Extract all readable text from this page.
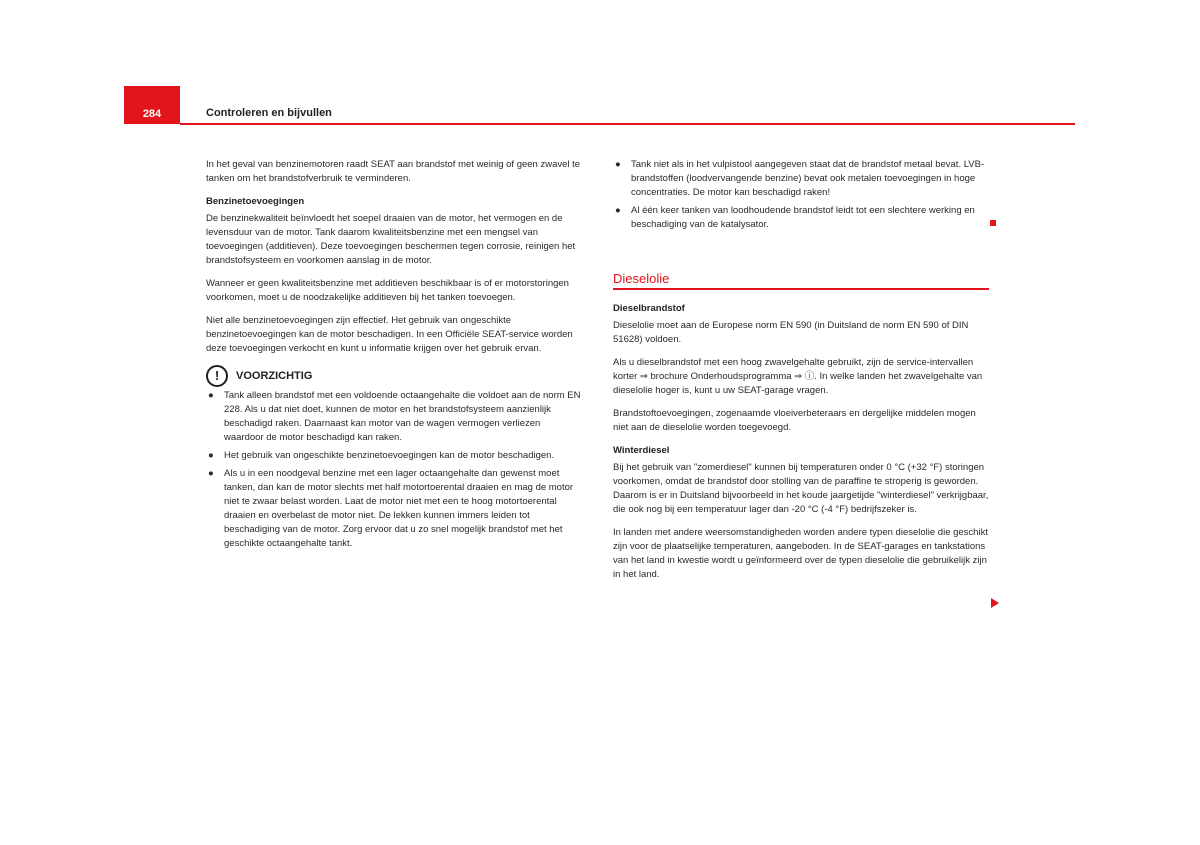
284	Controleren en bijvullen

In het geval van benzinemotoren raadt SEAT aan brandstof met weinig of geen zwavel te tanken om het brandstofverbruik te verminderen.

Benzinetoevoegingen

De benzinekwaliteit beïnvloedt het soepel draaien van de motor, het vermogen en de levensduur van de motor. Tank daarom kwaliteitsbenzine met een mengsel van toevoegingen (additieven). Deze toevoegingen beschermen tegen corrosie, reinigen het brandstofsysteem en voorkomen aanslag in de motor.

Wanneer er geen kwaliteitsbenzine met additieven beschikbaar is of er motorstoringen voorkomen, moet u de noodzakelijke additieven bij het tanken toevoegen.

Niet alle benzinetoevoegingen zijn effectief. Het gebruik van ongeschikte benzinetoevoegingen kan de motor beschadigen. In een Officiële SEAT-service worden deze toevoegingen verkocht en kunt u informatie krijgen over het gebruik ervan.

!	VOORZICHTIG
● Tank alleen brandstof met een voldoende octaangehalte die voldoet aan de norm EN 228. Als u dat niet doet, kunnen de motor en het brandstofsysteem aanzienlijk beschadigd raken. Daarnaast kan motor van de wagen vermogen verliezen waardoor de motor beschadigd kan raken.
● Het gebruik van ongeschikte benzinetoevoegingen kan de motor beschadigen.
● Als u in een noodgeval benzine met een lager octaangehalte dan gewenst moet tanken, dan kan de motor slechts met half motortoerental draaien en mag de motor niet te zwaar belast worden. Laat de motor niet met een te hoog motortoerental draaien en overbelast de motor niet. De lekken kunnen immers leiden tot beschadiging van de motor. Zorg ervoor dat u zo snel mogelijk brandstof met het geschikte octaangehalte tankt.
● Tank niet als in het vulpistool aangegeven staat dat de brandstof metaal bevat. LVB-brandstoffen (loodvervangende benzine) bevat ook metalen toevoegingen in hoge concentraties. De motor kan beschadigd raken!
● Al één keer tanken van loodhoudende brandstof leidt tot een slechtere werking en beschadiging van de katalysator.
Dieselolie

Dieselbrandstof

Dieselolie moet aan de Europese norm EN 590 (in Duitsland de norm EN 590 of DIN 51628) voldoen.

Als u dieselbrandstof met een hoog zwavelgehalte gebruikt, zijn de service-intervallen korter ⇒ brochure Onderhoudsprogramma ⇒ ⓘ. In welke landen het zwavelgehalte van dieselolie hoger is, kunt u uw SEAT-garage vragen.

Brandstoftoevoegingen, zogenaamde vloeiverbeteraars en dergelijke middelen mogen niet aan de dieselolie worden toegevoegd.

Winterdiesel

Bij het gebruik van "zomerdiesel" kunnen bij temperaturen onder 0 °C (+32 °F) storingen voorkomen, omdat de brandstof door stolling van de paraffine te stroperig is geworden. Daarom is er in Duitsland bijvoorbeeld in het koude jaargetijde "winterdiesel" verkrijgbaar, die ook nog bij een temperatuur lager dan -20 °C (-4 °F) bedrijfszeker is.

In landen met andere weersomstandigheden worden andere typen dieselolie die geschikt zijn voor de plaatselijke temperaturen, aangeboden. In de SEAT-garages en tankstations van het land in kwestie wordt u geïnformeerd over de typen dieselolie die gebruikelijk zijn in het land.
